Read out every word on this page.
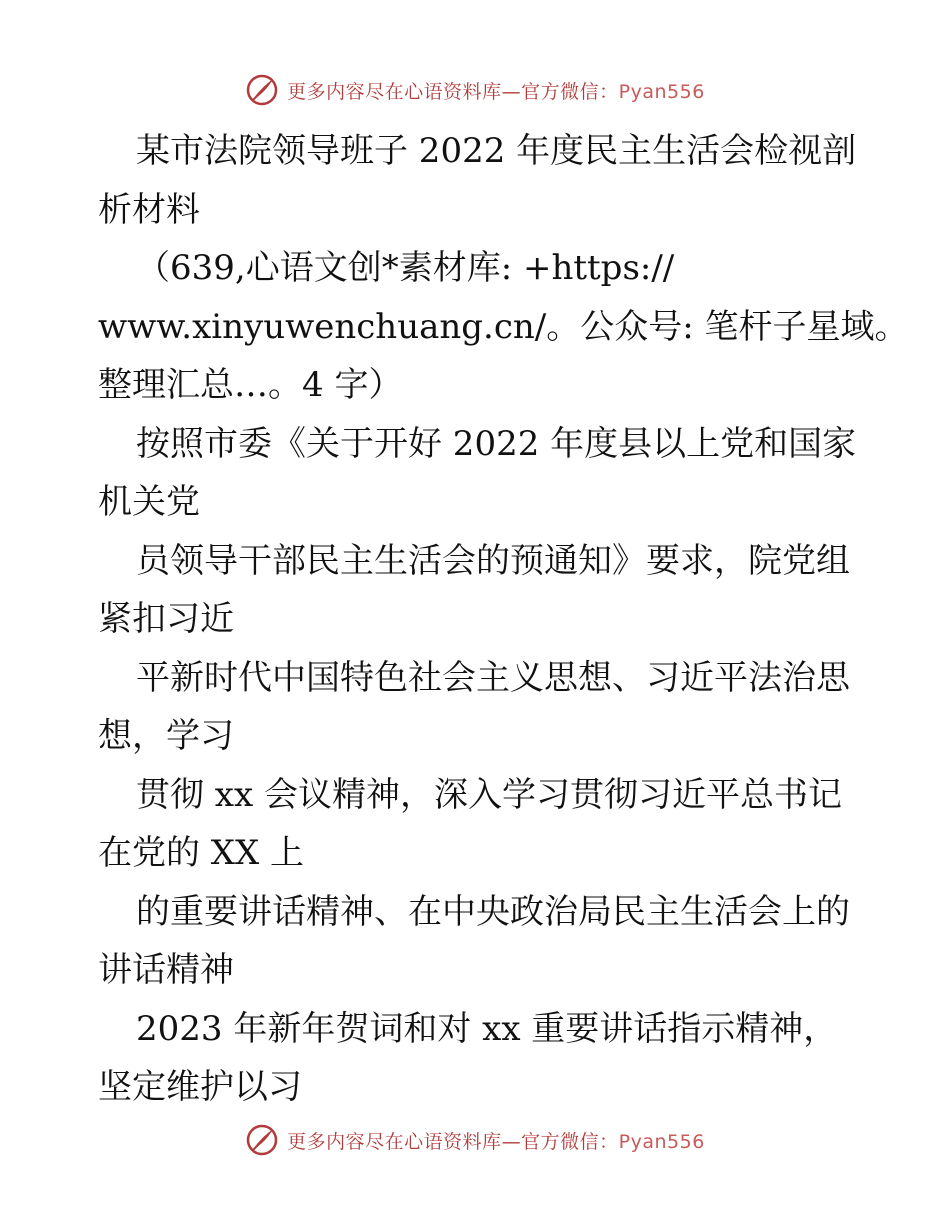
更多内容尽在心语资料库—官方微信：Pyan556
某市法院领导班子 2022 年度民主生活会检视剖
析材料
（639,心语文创*素材库: +https://
www.xinyuwenchuang.cn/。公众号: 笔杆子星域。
整理汇总…。4 字）
按照市委《关于开好 2022 年度县以上党和国家
机关党
员领导干部民主生活会的预通知》要求，院党组
紧扣习近
平新时代中国特色社会主义思想、习近平法治思
想，学习
贯彻 xx 会议精神，深入学习贯彻习近平总书记
在党的 XX 上
的重要讲话精神、在中央政治局民主生活会上的
讲话精神
2023 年新年贺词和对 xx 重要讲话指示精神，
坚定维护以习
更多内容尽在心语资料库—官方微信：Pyan556
